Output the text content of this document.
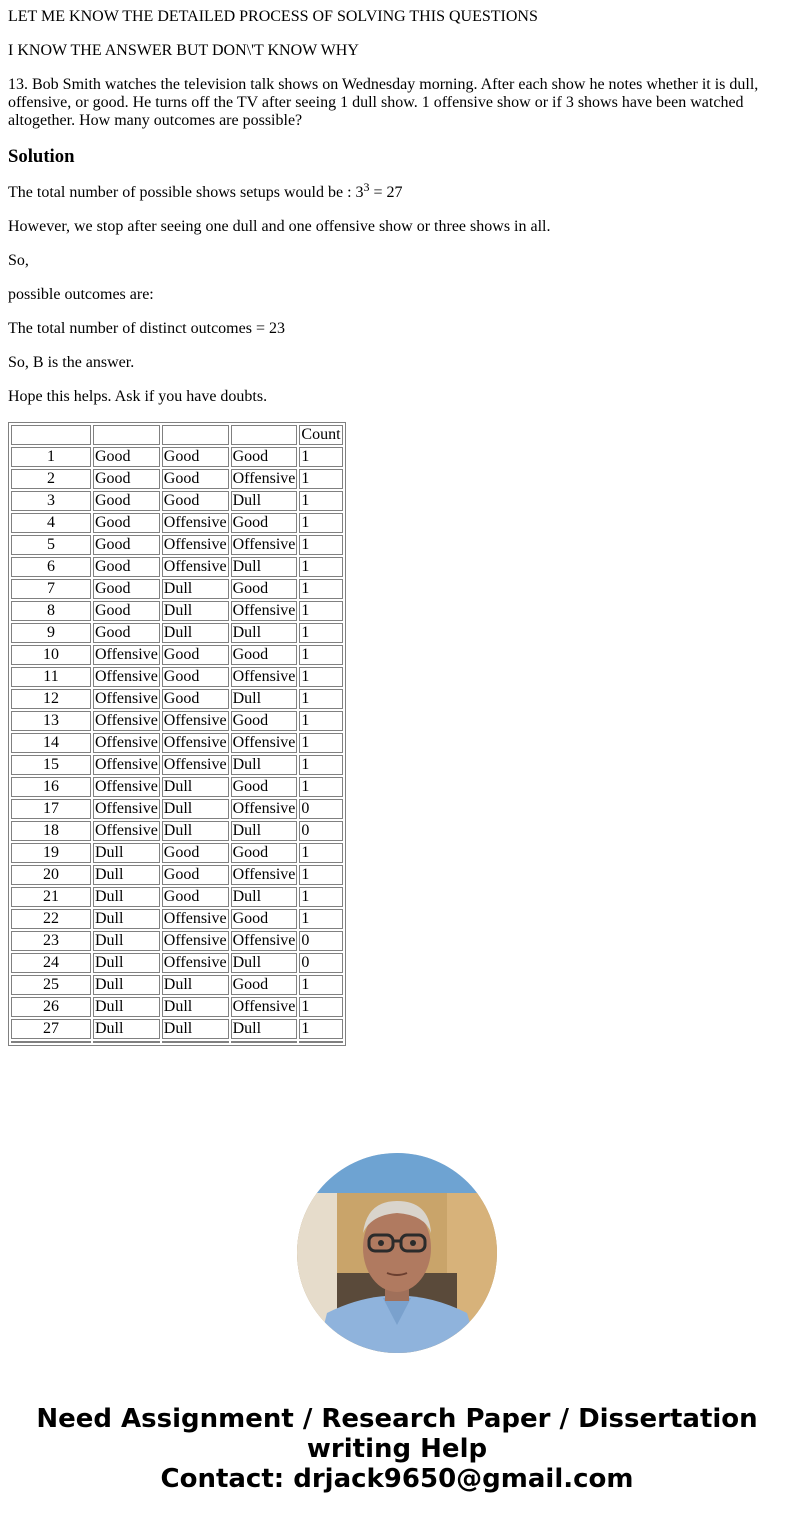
LET ME KNOW THE DETAILED PROCESS OF SOLVING THIS QUESTIONS

I KNOW THE ANSWER BUT DON\'T KNOW WHY

13. Bob Smith watches the television talk shows on Wednesday morning. After each show he notes whether it is dull, offensive, or good. He turns off the TV after seeing 1 dull show. 1 offensive show or if 3 shows have been watched altogether. How many outcomes are possible?

Solution

The total number of possible shows setups would be : $3^3 = 27$

However, we stop after seeing one dull and one offensive show or three shows in all.

So,

possible outcomes are:

The total number of distinct outcomes = 23

So, B is the answer.

Hope this helps. Ask if you have doubts.

				Count
1	Good	Good	Good	1
2	Good	Good	Offensive	1
3	Good	Good	Dull	1
4	Good	Offensive	Good	1
5	Good	Offensive	Offensive	1
6	Good	Offensive	Dull	1
7	Good	Dull	Good	1
8	Good	Dull	Offensive	1
9	Good	Dull	Dull	1
10	Offensive	Good	Good	1
11	Offensive	Good	Offensive	1
12	Offensive	Good	Dull	1
13	Offensive	Offensive	Good	1
14	Offensive	Offensive	Offensive	1
15	Offensive	Offensive	Dull	1
16	Offensive	Dull	Good	1
17	Offensive	Dull	Offensive	0
18	Offensive	Dull	Dull	0
19	Dull	Good	Good	1
20	Dull	Good	Offensive	1
21	Dull	Good	Dull	1
22	Dull	Offensive	Good	1
23	Dull	Offensive	Offensive	0
24	Dull	Offensive	Dull	0
25	Dull	Dull	Good	1
26	Dull	Dull	Offensive	1
27	Dull	Dull	Dull	1

Need Assignment / Research Paper / Dissertation
writing Help
Contact: drjack9650@gmail.com
